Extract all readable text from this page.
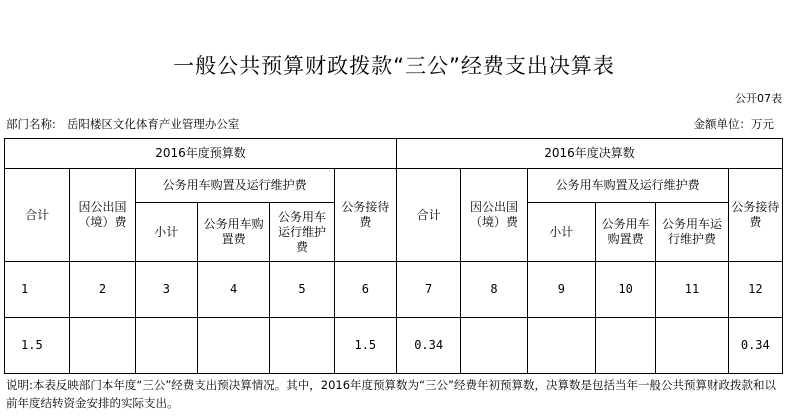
一般公共预算财政拨款“三公”经费支出决算表
公开07表
部门名称: 岳阳楼区文化体育产业管理办公室	金额单位：万元
2016年度预算数						2016年度决算数					
合计	因公出国（境）费	公务用车购置及运行维护费			公务接待费	合计	因公出国（境）费	公务用车购置及运行维护费			公务接待费
		小计	公务用车购置费	公务用车运行维护费				小计	公务用车购置费	公务用车运行维护费	
1	2	3	4	5	6	7	8	9	10	11	12
1.5					1.5	0.34					0.34
说明:本表反映部门本年度“三公”经费支出预决算情况。其中，2016年度预算数为“三公”经费年初预算数，决算数是包括当年一般公共预算财政拨款和以前年度结转资金安排的实际支出。
